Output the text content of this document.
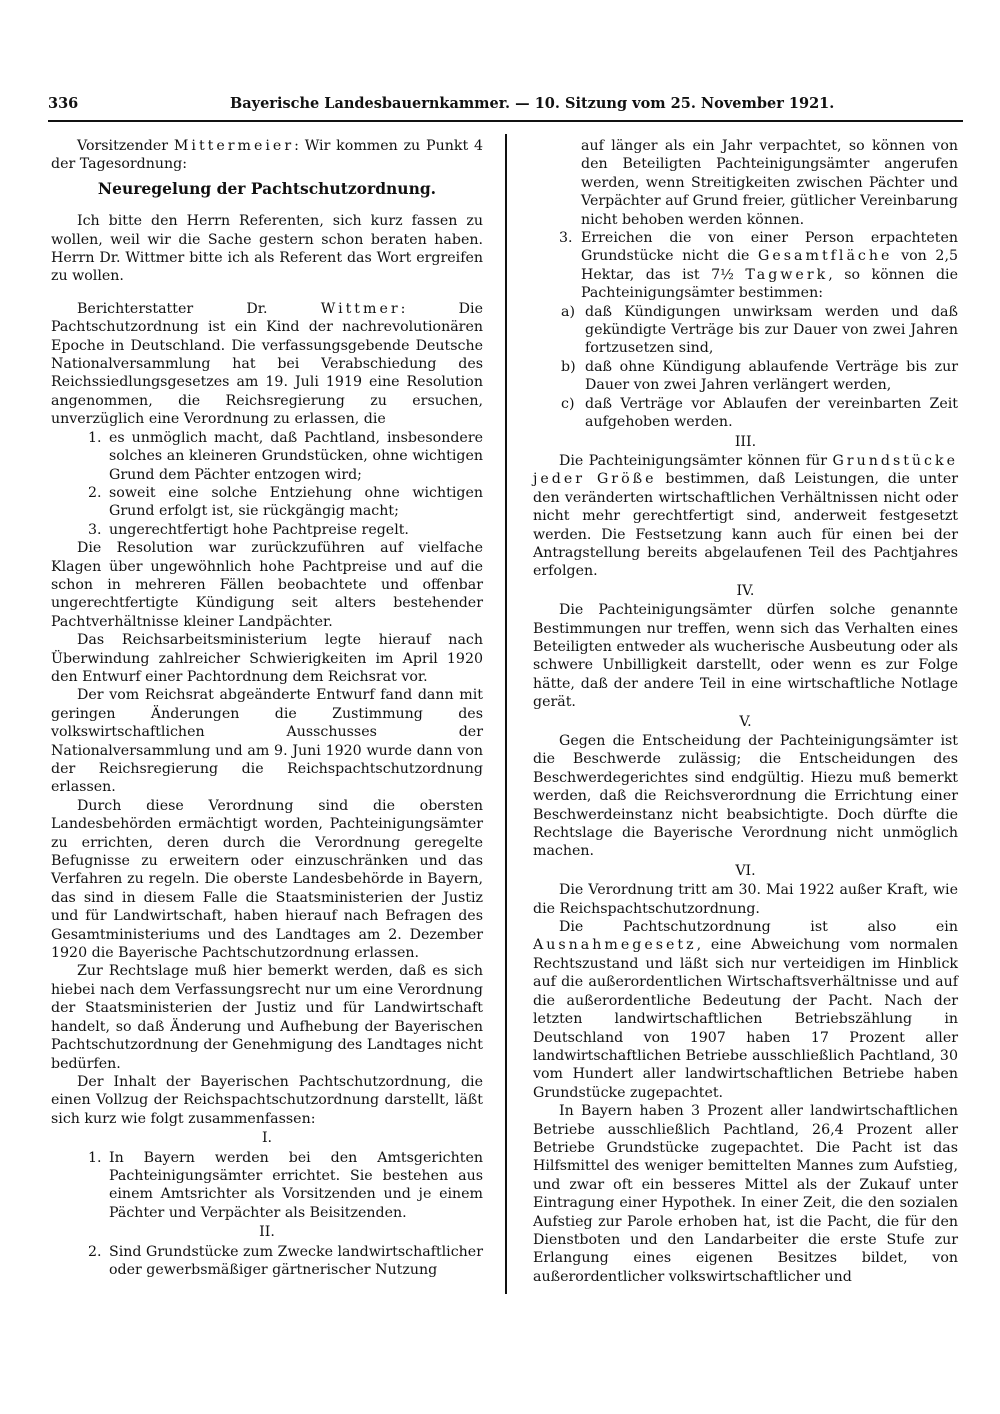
336	Bayerische Landesbauernkammer. — 10. Sitzung vom 25. November 1921.

Vorsitzender Mittermeier: Wir kommen zu Punkt 4 der Tagesordnung:

Neuregelung der Pachtschutzordnung.

Ich bitte den Herrn Referenten, sich kurz fassen zu wollen, weil wir die Sache gestern schon beraten haben. Herrn Dr. Wittmer bitte ich als Referent das Wort ergreifen zu wollen.

Berichterstatter Dr. Wittmer: Die Pachtschutzordnung ist ein Kind der nachrevolutionären Epoche in Deutschland. Die verfassungsgebende Deutsche Nationalversammlung hat bei Verabschiedung des Reichssiedlungsgesetzes am 19. Juli 1919 eine Resolution angenommen, die Reichsregierung zu ersuchen, unverzüglich eine Verordnung zu erlassen, die

1. es unmöglich macht, daß Pachtland, insbesondere solches an kleineren Grundstücken, ohne wichtigen Grund dem Pächter entzogen wird;
2. soweit eine solche Entziehung ohne wichtigen Grund erfolgt ist, sie rückgängig macht;
3. ungerechtfertigt hohe Pachtpreise regelt.

Die Resolution war zurückzuführen auf vielfache Klagen über ungewöhnlich hohe Pachtpreise und auf die schon in mehreren Fällen beobachtete und offenbar ungerechtfertigte Kündigung seit alters bestehender Pachtverhältnisse kleiner Landpächter.

Das Reichsarbeitsministerium legte hierauf nach Überwindung zahlreicher Schwierigkeiten im April 1920 den Entwurf einer Pachtordnung dem Reichsrat vor.

Der vom Reichsrat abgeänderte Entwurf fand dann mit geringen Änderungen die Zustimmung des volkswirtschaftlichen Ausschusses der Nationalversammlung und am 9. Juni 1920 wurde dann von der Reichsregierung die Reichspachtschutzordnung erlassen.

Durch diese Verordnung sind die obersten Landesbehörden ermächtigt worden, Pachteinigungsämter zu errichten, deren durch die Verordnung geregelte Befugnisse zu erweitern oder einzuschränken und das Verfahren zu regeln. Die oberste Landesbehörde in Bayern, das sind in diesem Falle die Staatsministerien der Justiz und für Landwirtschaft, haben hierauf nach Befragen des Gesamtministeriums und des Landtages am 2. Dezember 1920 die Bayerische Pachtschutzordnung erlassen.

Zur Rechtslage muß hier bemerkt werden, daß es sich hiebei nach dem Verfassungsrecht nur um eine Verordnung der Staatsministerien der Justiz und für Landwirtschaft handelt, so daß Änderung und Aufhebung der Bayerischen Pachtschutzordnung der Genehmigung des Landtages nicht bedürfen.

Der Inhalt der Bayerischen Pachtschutzordnung, die einen Vollzug der Reichspachtschutzordnung darstellt, läßt sich kurz wie folgt zusammenfassen:

I.

1. In Bayern werden bei den Amtsgerichten Pachteinigungsämter errichtet. Sie bestehen aus einem Amtsrichter als Vorsitzenden und je einem Pächter und Verpächter als Beisitzenden.

II.

2. Sind Grundstücke zum Zwecke landwirtschaftlicher oder gewerbsmäßiger gärtnerischer Nutzung

auf länger als ein Jahr verpachtet, so können von den Beteiligten Pachteinigungsämter angerufen werden, wenn Streitigkeiten zwischen Pächter und Verpächter auf Grund freier, gütlicher Vereinbarung nicht behoben werden können.

3. Erreichen die von einer Person erpachteten Grundstücke nicht die Gesamtfläche von 2,5 Hektar, das ist 7½ Tagwerk, so können die Pachteinigungsämter bestimmen:
a) daß Kündigungen unwirksam werden und daß gekündigte Verträge bis zur Dauer von zwei Jahren fortzusetzen sind,
b) daß ohne Kündigung ablaufende Verträge bis zur Dauer von zwei Jahren verlängert werden,
c) daß Verträge vor Ablaufen der vereinbarten Zeit aufgehoben werden.

III.

Die Pachteinigungsämter können für Grundstücke jeder Größe bestimmen, daß Leistungen, die unter den veränderten wirtschaftlichen Verhältnissen nicht oder nicht mehr gerechtfertigt sind, anderweit festgesetzt werden. Die Festsetzung kann auch für einen bei der Antragstellung bereits abgelaufenen Teil des Pachtjahres erfolgen.

IV.

Die Pachteinigungsämter dürfen solche genannte Bestimmungen nur treffen, wenn sich das Verhalten eines Beteiligten entweder als wucherische Ausbeutung oder als schwere Unbilligkeit darstellt, oder wenn es zur Folge hätte, daß der andere Teil in eine wirtschaftliche Notlage gerät.

V.

Gegen die Entscheidung der Pachteinigungsämter ist die Beschwerde zulässig; die Entscheidungen des Beschwerdegerichtes sind endgültig. Hiezu muß bemerkt werden, daß die Reichsverordnung die Errichtung einer Beschwerdeinstanz nicht beabsichtigte. Doch dürfte die Rechtslage die Bayerische Verordnung nicht unmöglich machen.

VI.

Die Verordnung tritt am 30. Mai 1922 außer Kraft, wie die Reichspachtschutzordnung.

Die Pachtschutzordnung ist also ein Ausnahmegesetz, eine Abweichung vom normalen Rechtszustand und läßt sich nur verteidigen im Hinblick auf die außerordentlichen Wirtschaftsverhältnisse und auf die außerordentliche Bedeutung der Pacht. Nach der letzten landwirtschaftlichen Betriebszählung in Deutschland von 1907 haben 17 Prozent aller landwirtschaftlichen Betriebe ausschließlich Pachtland, 30 vom Hundert aller landwirtschaftlichen Betriebe haben Grundstücke zugepachtet.

In Bayern haben 3 Prozent aller landwirtschaftlichen Betriebe ausschließlich Pachtland, 26,4 Prozent aller Betriebe Grundstücke zugepachtet. Die Pacht ist das Hilfsmittel des weniger bemittelten Mannes zum Aufstieg, und zwar oft ein besseres Mittel als der Zukauf unter Eintragung einer Hypothek. In einer Zeit, die den sozialen Aufstieg zur Parole erhoben hat, ist die Pacht, die für den Dienstboten und den Landarbeiter die erste Stufe zur Erlangung eines eigenen Besitzes bildet, von außerordentlicher volkswirtschaftlicher und
